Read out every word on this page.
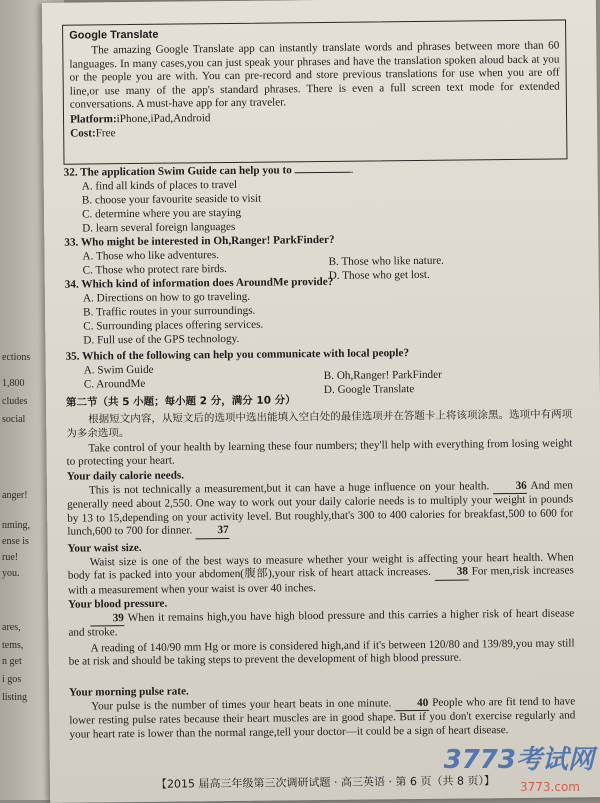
ections
1,800
cludes
social
anger!
nming,
ense is
rue!
you.
ares,
tems,
n get
i gos
listing
Google Translate

The amazing Google Translate app can instantly translate words and phrases between more than 60 languages. In many cases,you can just speak your phrases and have the translation spoken aloud back at you or the people you are with. You can pre-record and store previous translations for use when you are off line,or use many of the app's standard phrases. There is even a full screen text mode for extended conversations. A must-have app for any traveler.

Platform:iPhone,iPad,Android
Cost:Free
32. The application Swim Guide can help you to	.
A. find all kinds of places to travel
B. choose your favourite seaside to visit
C. determine where you are staying
D. learn several foreign languages
33. Who might be interested in Oh,Ranger! ParkFinder?
A. Those who like adventures.	B. Those who like nature.
C. Those who protect rare birds.	D. Those who get lost.
34. Which kind of information does AroundMe provide?
A. Directions on how to go traveling.
B. Traffic routes in your surroundings.
C. Surrounding places offering services.
D. Full use of the GPS technology.
35. Which of the following can help you communicate with local people?
A. Swim Guide	B. Oh,Ranger! ParkFinder
C. AroundMe	D. Google Translate
第二节（共 5 小题；每小题 2 分，满分 10 分）
根据短文内容，从短文后的选项中选出能填入空白处的最佳选项并在答题卡上将该项涂黑。选项中有两项为多余选项。
Take control of your health by learning these four numbers; they'll help with everything from losing weight to protecting your heart.
Your daily calorie needs.
This is not technically a measurement,but it can have a huge influence on your health. 36 And men generally need about 2,550. One way to work out your daily calorie needs is to multiply your weight in pounds by 13 to 15,depending on your activity level. But roughly,that's 300 to 400 calories for breakfast,500 to 600 for lunch,600 to 700 for dinner. 37
Your waist size.
Waist size is one of the best ways to measure whether your weight is affecting your heart health. When body fat is packed into your abdomen(腹部),your risk of heart attack increases. 38 For men,risk increases with a measurement when your waist is over 40 inches.
Your blood pressure.
39 When it remains high,you have high blood pressure and this carries a higher risk of heart disease and stroke.
A reading of 140/90 mm Hg or more is considered high,and if it's between 120/80 and 139/89,you may still be at risk and should be taking steps to prevent the development of high blood pressure.
Your morning pulse rate.
Your pulse is the number of times your heart beats in one minute. 40 People who are fit tend to have lower resting pulse rates because their heart muscles are in good shape. But if you don't exercise regularly and your heart rate is lower than the normal range,tell your doctor—it could be a sign of heart disease.
【2015 届高三年级第三次调研试题 · 高三英语 · 第 6 页（共 8 页）】
3773考试网
3773.com
